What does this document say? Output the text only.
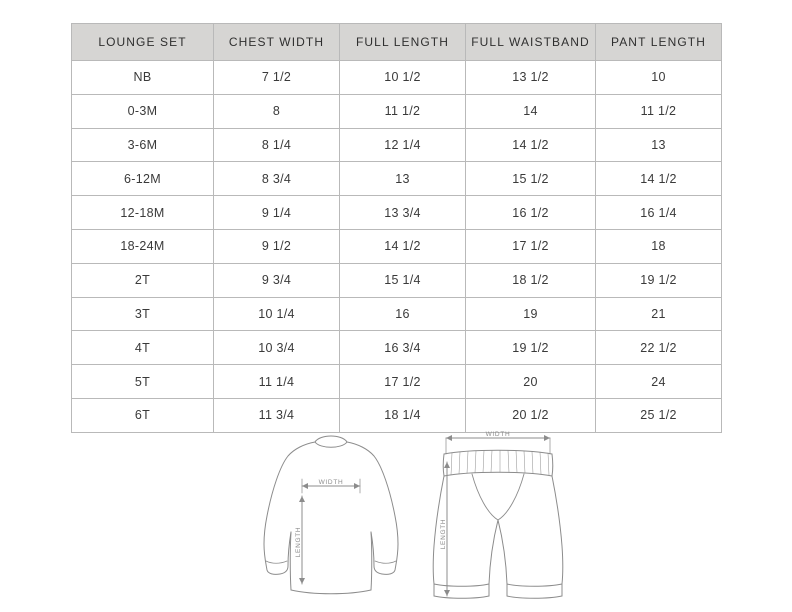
LOUNGE SET	CHEST WIDTH	FULL LENGTH	FULL WAISTBAND	PANT LENGTH
NB	7 1/2	10 1/2	13 1/2	10
0-3M	8	11 1/2	14	11 1/2
3-6M	8 1/4	12 1/4	14 1/2	13
6-12M	8 3/4	13	15 1/2	14 1/2
12-18M	9 1/4	13 3/4	16 1/2	16 1/4
18-24M	9 1/2	14 1/2	17 1/2	18
2T	9 3/4	15 1/4	18 1/2	19 1/2
3T	10 1/4	16	19	21
4T	10 3/4	16 3/4	19 1/2	22 1/2
5T	11 1/4	17 1/2	20	24
6T	11 3/4	18 1/4	20 1/2	25 1/2
WIDTH
LENGTH
WIDTH
LENGTH
